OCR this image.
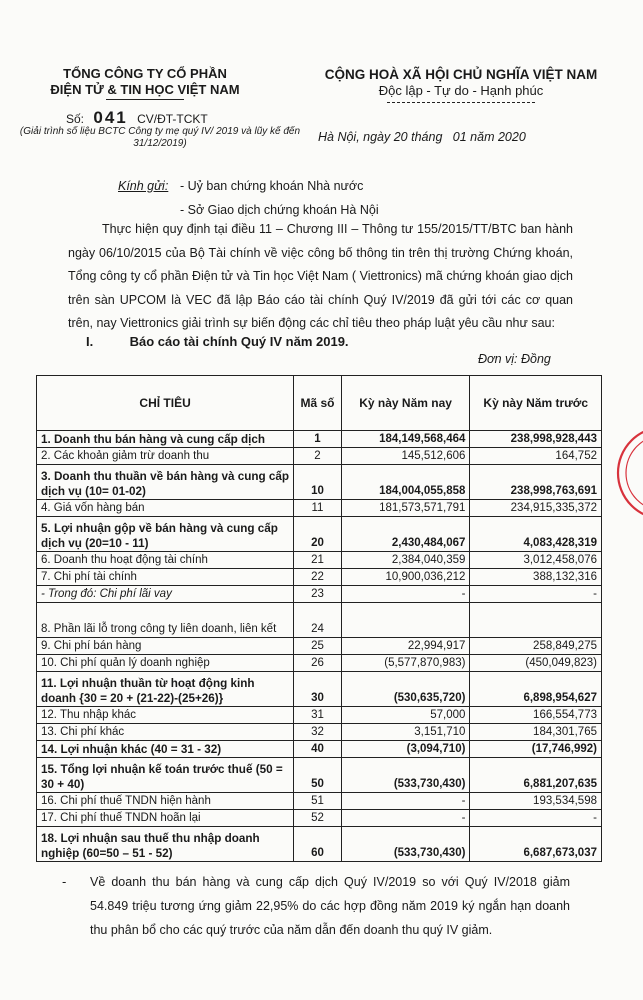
TỔNG CÔNG TY CỔ PHẦN
ĐIỆN TỬ & TIN HỌC VIỆT NAM
Số: 041 CV/ĐT-TCKT
(Giải trình số liệu BCTC Công ty mẹ quý IV/ 2019 và lũy kế đến 31/12/2019)
CỘNG HOÀ XÃ HỘI CHỦ NGHĨA VIỆT NAM
Độc lập - Tự do - Hạnh phúc
Hà Nội, ngày 20 tháng   01 năm 2020
Kính gửi: - Uỷ ban chứng khoán Nhà nước
- Sở Giao dịch chứng khoán Hà Nội
Thực hiện quy định tại điều 11 – Chương III – Thông tư 155/2015/TT/BTC ban hành ngày 06/10/2015 của Bộ Tài chính về việc công bố thông tin trên thị trường Chứng khoán, Tổng công ty cổ phần Điện tử và Tin học Việt Nam ( Viettronics) mã chứng khoán giao dịch trên sàn UPCOM là VEC đã lập Báo cáo tài chính Quý IV/2019 đã gửi tới các cơ quan trên, nay Viettronics giải trình sự biến động các chỉ tiêu theo pháp luật yêu cầu như sau:
I.	Báo cáo tài chính Quý IV năm 2019.
Đơn vị: Đồng
CHỈ TIÊU	Mã số	Kỳ này Năm nay	Kỳ này Năm trước
1. Doanh thu bán hàng và cung cấp dịch	1	184,149,568,464	238,998,928,443
2. Các khoản giảm trừ doanh thu	2	145,512,606	164,752
3. Doanh thu thuần về bán hàng và cung cấp dịch vụ (10= 01-02)	10	184,004,055,858	238,998,763,691
4. Giá vốn hàng bán	11	181,573,571,791	234,915,335,372
5. Lợi nhuận gộp về bán hàng và cung cấp dịch vụ (20=10 - 11)	20	2,430,484,067	4,083,428,319
6. Doanh thu hoạt động tài chính	21	2,384,040,359	3,012,458,076
7. Chi phí tài chính	22	10,900,036,212	388,132,316
- Trong đó: Chi phí lãi vay	23	-	-
8. Phần lãi lỗ trong công ty liên doanh, liên kết	24		
9. Chi phí bán hàng	25	22,994,917	258,849,275
10. Chi phí quản lý doanh nghiệp	26	(5,577,870,983)	(450,049,823)
11. Lợi nhuận thuần từ hoạt động kinh doanh {30 = 20 + (21-22)-(25+26)}	30	(530,635,720)	6,898,954,627
12. Thu nhập khác	31	57,000	166,554,773
13. Chi phí khác	32	3,151,710	184,301,765
14. Lợi nhuận khác (40 = 31 - 32)	40	(3,094,710)	(17,746,992)
15. Tổng lợi nhuận kế toán trước thuế (50 = 30 + 40)	50	(533,730,430)	6,881,207,635
16. Chi phí thuế TNDN hiện hành	51	-	193,534,598
17. Chi phí thuế TNDN hoãn lại	52	-	-
18. Lợi nhuận sau thuế thu nhập doanh nghiệp (60=50 – 51 - 52)	60	(533,730,430)	6,687,673,037
- Về doanh thu bán hàng và cung cấp dịch Quý IV/2019 so với Quý IV/2018 giảm 54.849 triệu tương ứng giảm 22,95% do các hợp đồng năm 2019 ký ngắn hạn doanh thu phân bổ cho các quý trước của năm dẫn đến doanh thu quý IV giảm.
